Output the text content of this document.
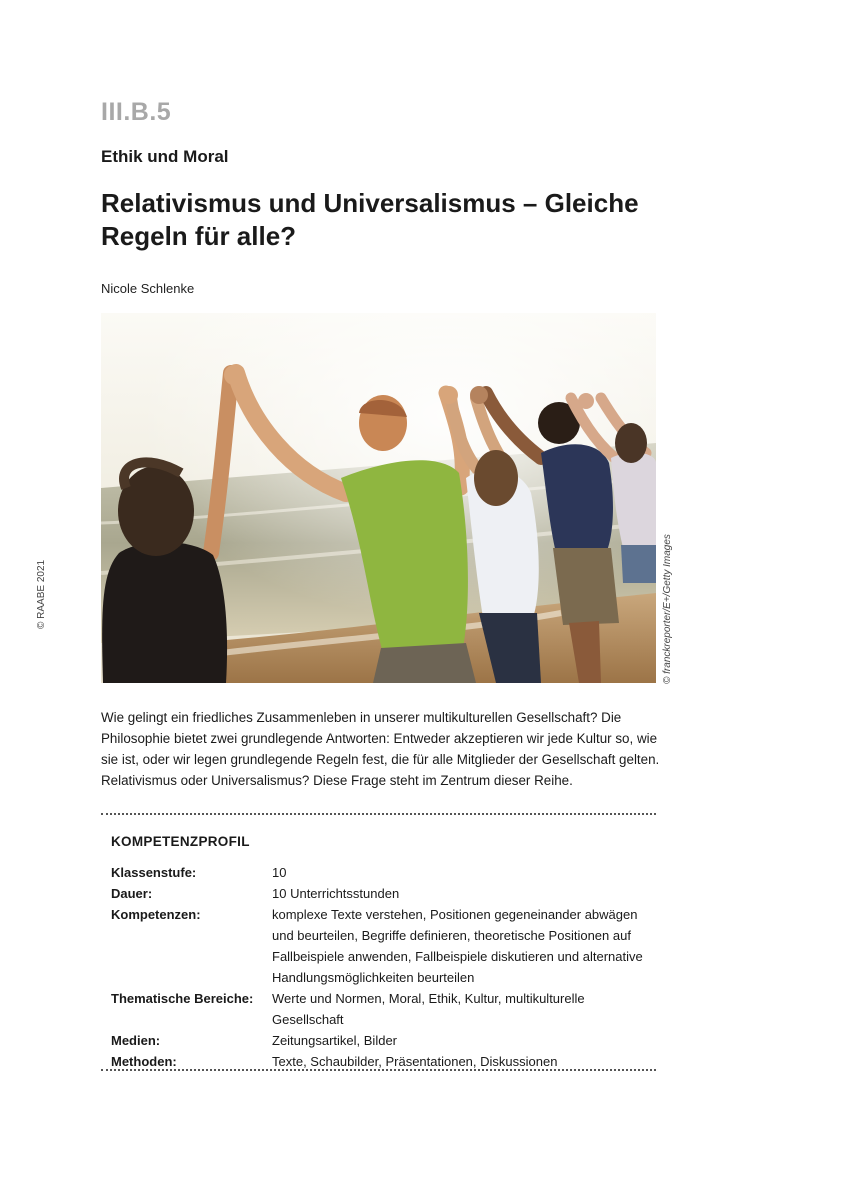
III.B.5
Ethik und Moral
Relativismus und Universalismus – Gleiche Regeln für alle?
Nicole Schlenke
© franckreporter/E+/Getty Images
© RAABE 2021

Wie gelingt ein friedliches Zusammenleben in unserer multikulturellen Gesellschaft? Die Philosophie bietet zwei grundlegende Antworten: Entweder akzeptieren wir jede Kultur so, wie sie ist, oder wir legen grundlegende Regeln fest, die für alle Mitglieder der Gesellschaft gelten. Relativismus oder Universalismus? Diese Frage steht im Zentrum dieser Reihe.

KOMPETENZPROFIL
Klassenstufe:	10
Dauer:	10 Unterrichtsstunden
Kompetenzen:	komplexe Texte verstehen, Positionen gegeneinander abwägen und beurteilen, Begriffe definieren, theoretische Positionen auf Fallbeispiele anwenden, Fallbeispiele diskutieren und alternative Handlungsmöglichkeiten beurteilen
Thematische Bereiche:	Werte und Normen, Moral, Ethik, Kultur, multikulturelle Gesellschaft
Medien:	Zeitungsartikel, Bilder
Methoden:	Texte, Schaubilder, Präsentationen, Diskussionen
